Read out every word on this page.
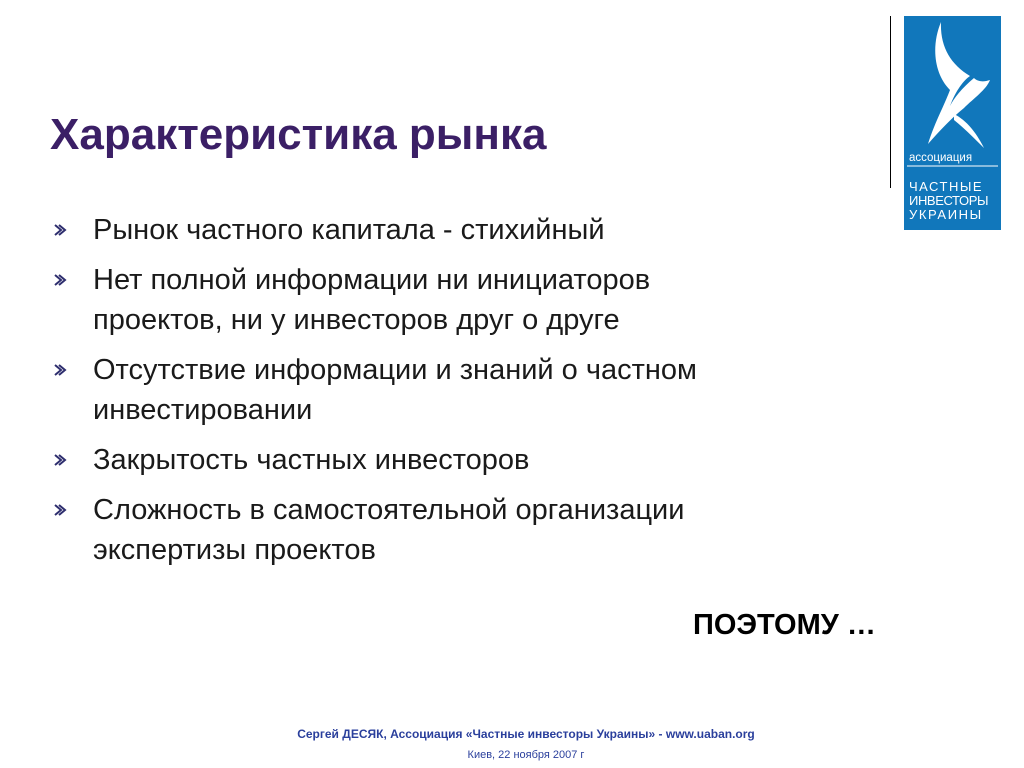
Характеристика рынка
Рынок частного капитала - стихийный
Нет полной информации ни инициаторов
проектов, ни у инвесторов друг о друге
Отсутствие информации и знаний о частном
инвестировании
Закрытость частных инвесторов
Сложность в самостоятельной организации
экспертизы проектов
ПОЭТОМУ …
ассоциация
ЧАСТНЫЕ
ИНВЕСТОРЫ
УКРАИНЫ
Сергей ДЕСЯК, Ассоциация «Частные инвесторы Украины» - www.uaban.org
Киев, 22 ноября 2007 г
